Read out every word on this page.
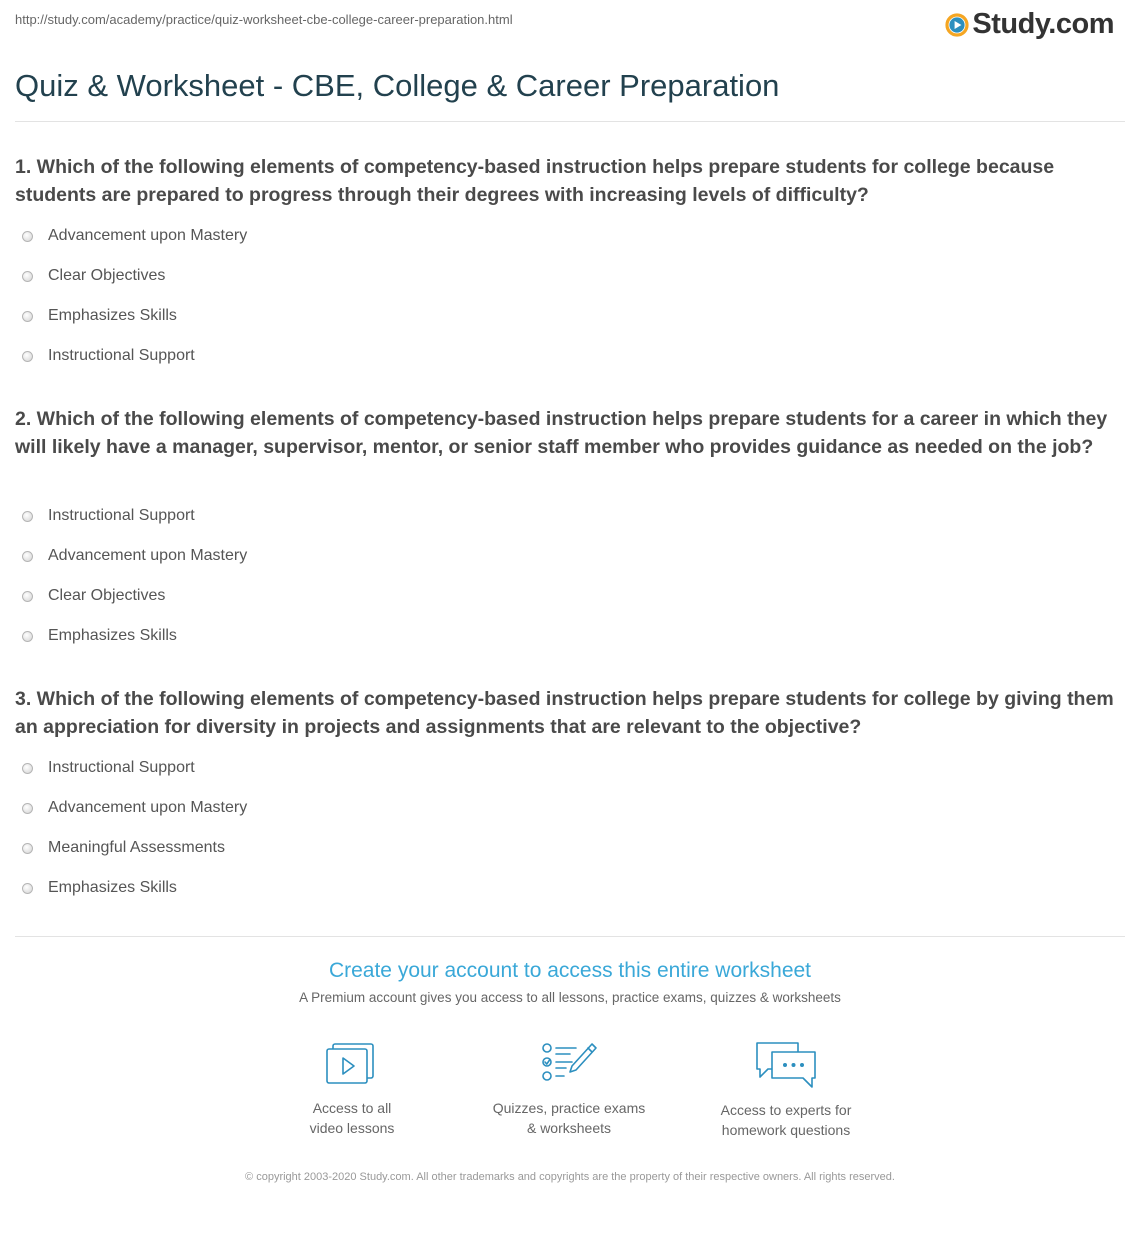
http://study.com/academy/practice/quiz-worksheet-cbe-college-career-preparation.html	Study.com
Quiz & Worksheet - CBE, College & Career Preparation

1. Which of the following elements of competency-based instruction helps prepare students for college because students are prepared to progress through their degrees with increasing levels of difficulty?

Advancement upon Mastery
Clear Objectives
Emphasizes Skills
Instructional Support

2. Which of the following elements of competency-based instruction helps prepare students for a career in which they will likely have a manager, supervisor, mentor, or senior staff member who provides guidance as needed on the job?

Instructional Support
Advancement upon Mastery
Clear Objectives
Emphasizes Skills

3. Which of the following elements of competency-based instruction helps prepare students for college by giving them an appreciation for diversity in projects and assignments that are relevant to the objective?

Instructional Support
Advancement upon Mastery
Meaningful Assessments
Emphasizes Skills
Create your account to access this entire worksheet
A Premium account gives you access to all lessons, practice exams, quizzes & worksheets
Access to all
video lessons
Quizzes, practice exams
& worksheets
Access to experts for
homework questions
© copyright 2003-2020 Study.com. All other trademarks and copyrights are the property of their respective owners. All rights reserved.
